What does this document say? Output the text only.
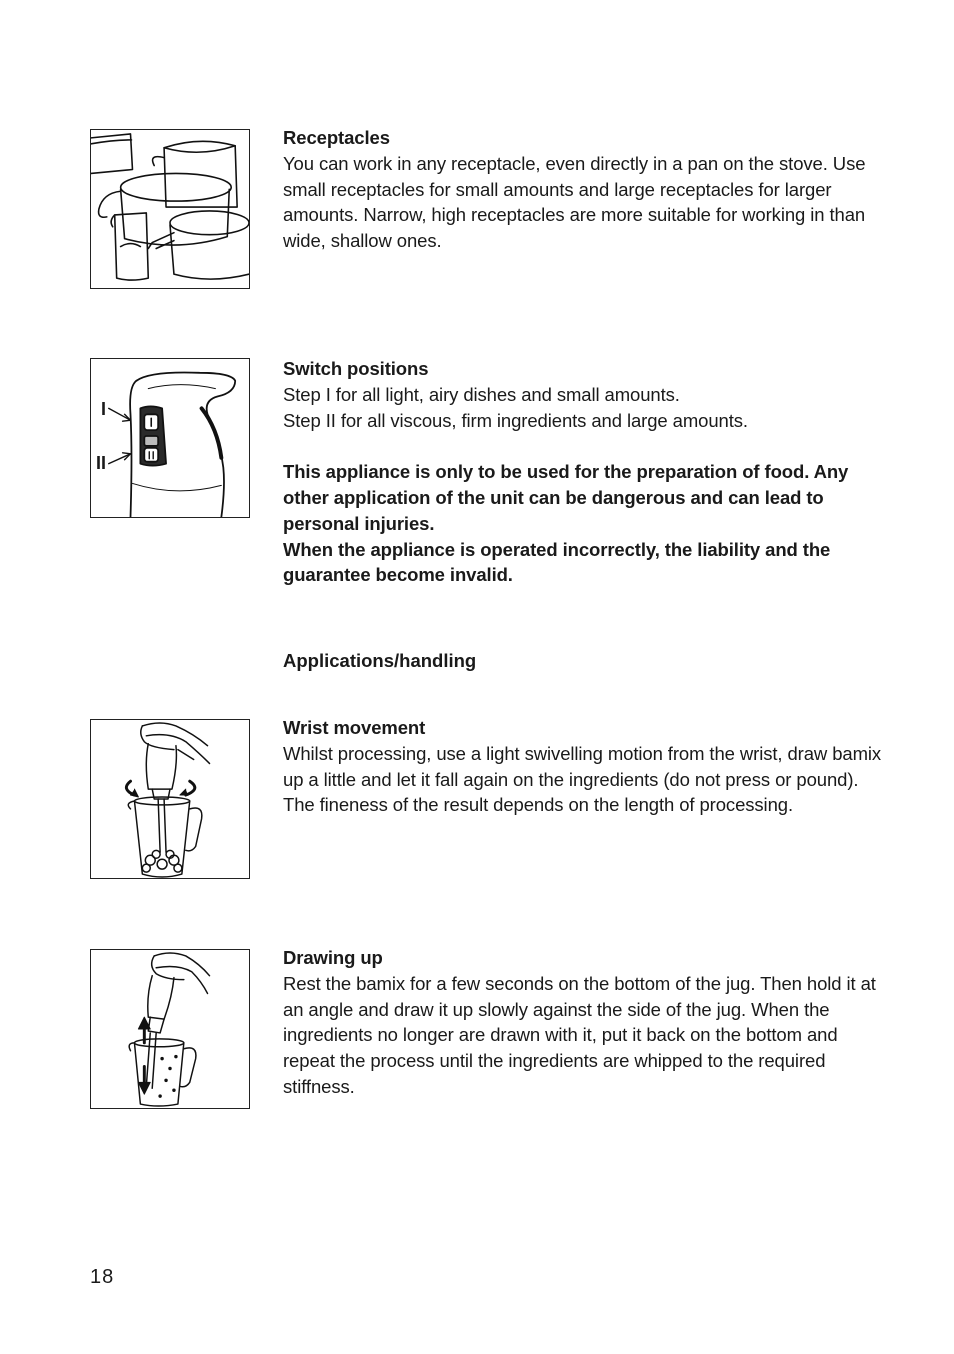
Receptacles

You can work in any receptacle, even directly in a pan on the stove. Use small receptacles for small amounts and large receptacles for larger amounts. Narrow, high receptacles are more suitable for working in than wide, shallow ones.

I
II
Switch positions

Step I for all light, airy dishes and small amounts.

Step II for all viscous, firm ingredients and large amounts.

This appliance is only to be used for the preparation of food. Any other application of the unit can be dangerous and can lead to personal injuries.

When the appliance is operated incorrectly, the liability and the guarantee become invalid.

Applications/handling
Wrist movement

Whilst processing, use a light swivelling motion from the wrist, draw bamix up a little and let it fall again on the ingredients (do not press or pound). The fineness of the result depends on the length of processing.

Drawing up

Rest the bamix for a few seconds on the bottom of the jug. Then hold it at an angle and draw it up slowly against the side of the jug. When the ingredients no longer are drawn with it, put it back on the bottom and repeat the process until the ingredients are whipped to the required stiffness.

18
